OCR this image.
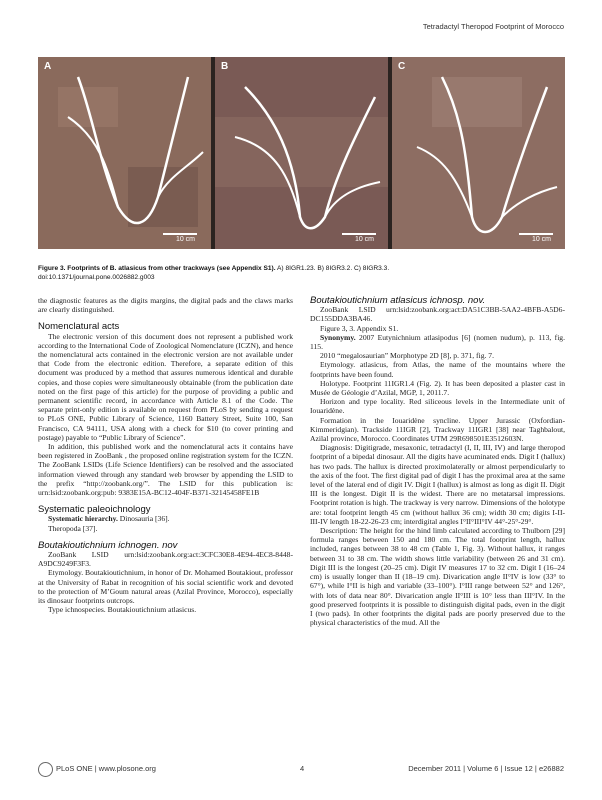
Tetradactyl Theropod Footprint of Morocco
A
10 cm
B
10 cm
C
10 cm
Figure 3. Footprints of B. atlasicus from other trackways (see Appendix S1). A) 8IGR1.23. B) 8IGR3.2. C) 8IGR3.3.
doi:10.1371/journal.pone.0026882.g003

the diagnostic features as the digits margins, the digital pads and the claws marks are clearly distinguished.

Nomenclatural acts

The electronic version of this document does not represent a published work according to the International Code of Zoological Nomenclature (ICZN), and hence the nomenclatural acts contained in the electronic version are not available under that Code from the electronic edition. Therefore, a separate edition of this document was produced by a method that assures numerous identical and durable copies, and those copies were simultaneously obtainable (from the publication date noted on the first page of this article) for the purpose of providing a public and permanent scientific record, in accordance with Article 8.1 of the Code. The separate print-only edition is available on request from PLoS by sending a request to PLoS ONE, Public Library of Science, 1160 Battery Street, Suite 100, San Francisco, CA 94111, USA along with a check for $10 (to cover printing and postage) payable to “Public Library of Science”.

In addition, this published work and the nomenclatural acts it contains have been registered in ZooBank , the proposed online registration system for the ICZN. The ZooBank LSIDs (Life Science Identifiers) can be resolved and the associated information viewed through any standard web browser by appending the LSID to the prefix “http://zoobank.org/”. The LSID for this publication is: urn:lsid:zoobank.org:pub: 9383E15A-BC12-404F-B371-32145458FE1B

Systematic paleoichnology

Systematic hierarchy. Dinosauria [36].

Theropoda [37].

Boutakioutichnium ichnogen. nov

ZooBank LSID urn:lsid:zoobank.org:act:3CFC30E8-4E94-4EC8-8448-A9DC9249F3F3.

Etymology. Boutakioutichnium, in honor of Dr. Mohamed Boutakiout, professor at the University of Rabat in recognition of his social scientific work and devoted to the protection of M’Goum natural areas (Azilal Province, Morocco), especially its dinosaur footprints outcrops.

Type ichnospecies. Boutakioutichnium atlasicus.

Boutakioutichnium atlasicus ichnosp. nov.

ZooBank LSID urn:lsid:zoobank.org:act:DA51C3BB-5AA2-4BFB-A5D6-DC155DDA3BA46.

Figure 3, 3. Appendix S1.

Synonymy. 2007 Eutynichnium atlasipodus [6] (nomen nudum), p. 113, fig. 115.

2010 “megalosaurian” Morphotype 2D [8], p. 371, fig. 7.

Etymology. atlasicus, from Atlas, the name of the mountains where the footprints have been found.

Holotype. Footprint 11IGR1.4 (Fig. 2). It has been deposited a plaster cast in Musée de Géologie d’Azilal, MGP, 1, 2011.7.

Horizon and type locality. Red siliceous levels in the Intermediate unit of Iouaridène.

Formation in the Iouaridène syncline. Upper Jurassic (Oxfordian-Kimmeridgian). Trackside 11IGR [2], Trackway 11IGR1 [38] near Taghbalout, Azilal province, Morocco. Coordinates UTM 29R698501E3512603N.

Diagnosis: Digitigrade, mesaxonic, tetradactyl (I, II, III, IV) and large theropod footprint of a bipedal dinosaur. All the digits have acuminated ends. Digit I (hallux) has two pads. The hallux is directed proximolaterally or almost perpendicularly to the axis of the foot. The first digital pad of digit I has the proximal area at the same level of the lateral end of digit IV. Digit I (hallux) is almost as long as digit II. Digit III is the longest. Digit II is the widest. There are no metatarsal impressions. Footprint rotation is high. The trackway is very narrow. Dimensions of the holotype are: total footprint length 45 cm (without hallux 36 cm); width 30 cm; digits I-II-III-IV length 18-22-26-23 cm; interdigital angles I°II°III°IV 44°-25°-29°.

Description: The height for the hind limb calculated according to Thulborn [29] formula ranges between 150 and 180 cm. The total footprint length, hallux included, ranges between 38 to 48 cm (Table 1, Fig. 3). Without hallux, it ranges between 31 to 38 cm. The width shows little variability (between 26 and 31 cm). Digit III is the longest (20–25 cm). Digit IV measures 17 to 32 cm. Digit I (16–24 cm) is usually longer than II (18–19 cm). Divarication angle II°IV is low (33° to 67°), while I°II is high and variable (33–100°). I°III range between 52° and 126°, with lots of data near 80°. Divarication angle II°III is 10° less than III°IV. In the good preserved footprints it is possible to distinguish digital pads, even in the digit I (two pads). In other footprints the digital pads are poorly preserved due to the physical characteristics of the mud. All the

PLoS ONE | www.plosone.org	4	December 2011 | Volume 6 | Issue 12 | e26882
